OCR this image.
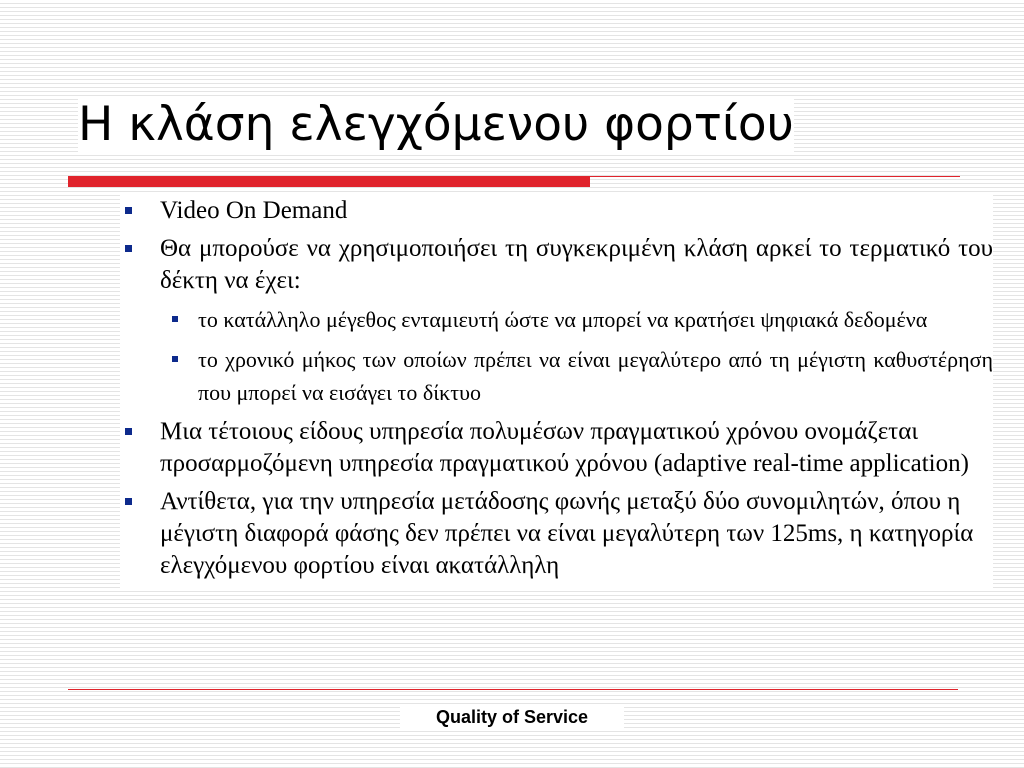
Η κλάση ελεγχόμενου φορτίου
Video On Demand
Θα μπορούσε να χρησιμοποιήσει τη συγκεκριμένη κλάση αρκεί το τερματικό του δέκτη να έχει:
το κατάλληλο μέγεθος ενταμιευτή ώστε να μπορεί να κρατήσει ψηφιακά δεδομένα
το χρονικό μήκος των οποίων πρέπει να είναι μεγαλύτερο από τη μέγιστη καθυστέρηση που μπορεί να εισάγει το δίκτυο
Μια τέτοιους είδους υπηρεσία πολυμέσων πραγματικού χρόνου ονομάζεται προσαρμοζόμενη υπηρεσία πραγματικού χρόνου (adaptive real-time application)
Αντίθετα, για την υπηρεσία μετάδοσης φωνής μεταξύ δύο συνομιλητών, όπου η μέγιστη διαφορά φάσης δεν πρέπει να είναι μεγαλύτερη των 125ms, η κατηγορία ελεγχόμενου φορτίου είναι ακατάλληλη
Quality of Service
